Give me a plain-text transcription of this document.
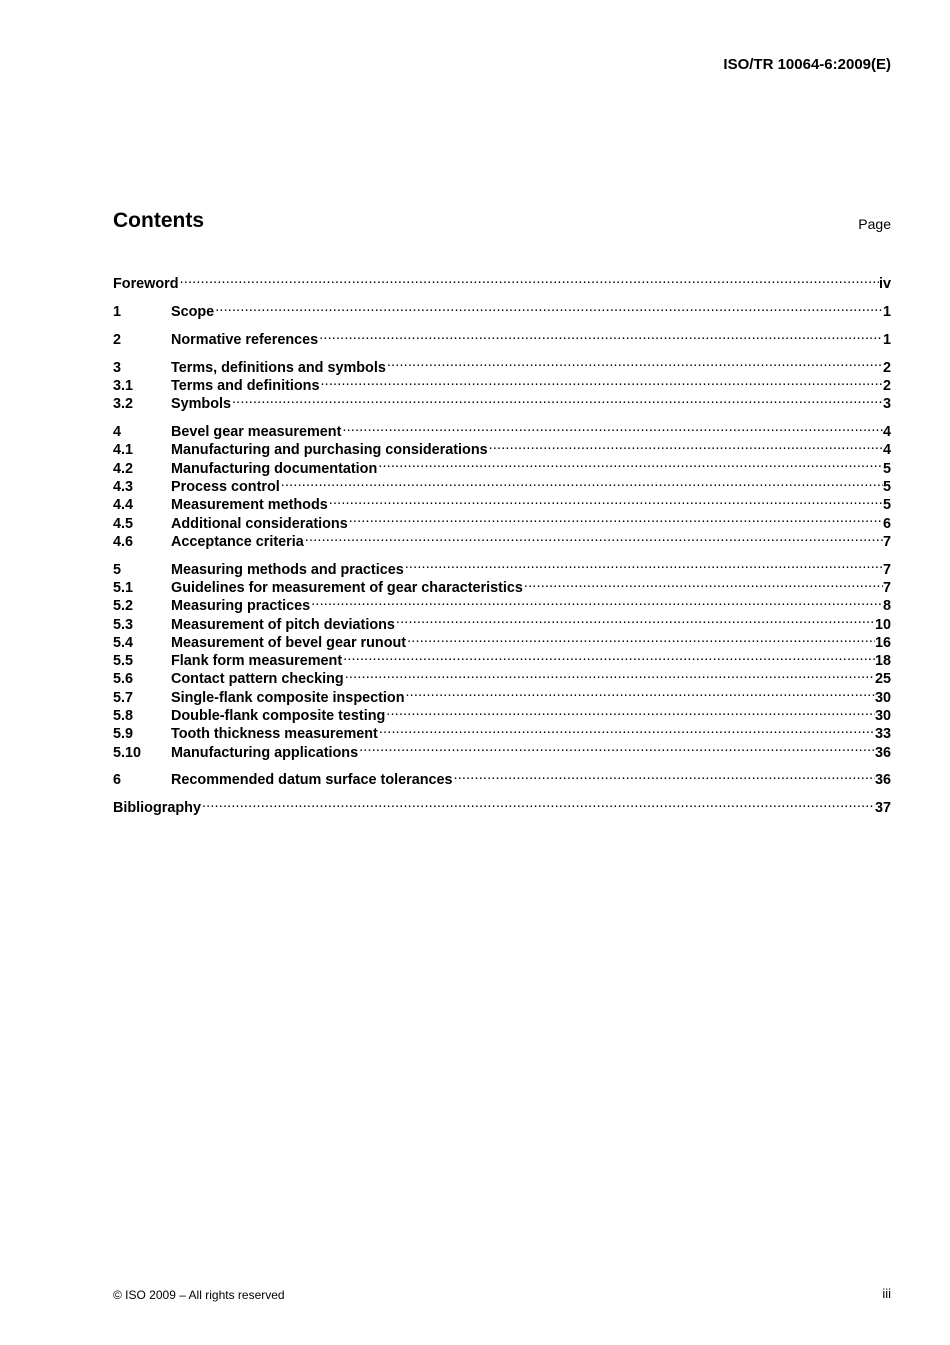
ISO/TR 10064-6:2009(E)
Contents	Page
Foreword .....	iv
1	Scope .....	1
2	Normative references .....	1
3	Terms, definitions and symbols .....	2
3.1	Terms and definitions .....	2
3.2	Symbols .....	3
4	Bevel gear measurement .....	4
4.1	Manufacturing and purchasing considerations .....	4
4.2	Manufacturing documentation .....	5
4.3	Process control .....	5
4.4	Measurement methods .....	5
4.5	Additional considerations .....	6
4.6	Acceptance criteria .....	7
5	Measuring methods and practices .....	7
5.1	Guidelines for measurement of gear characteristics .....	7
5.2	Measuring practices .....	8
5.3	Measurement of pitch deviations .....	10
5.4	Measurement of bevel gear runout .....	16
5.5	Flank form measurement .....	18
5.6	Contact pattern checking .....	25
5.7	Single-flank composite inspection .....	30
5.8	Double-flank composite testing .....	30
5.9	Tooth thickness measurement .....	33
5.10	Manufacturing applications .....	36
6	Recommended datum surface tolerances .....	36
Bibliography .....	37
© ISO 2009 – All rights reserved	iii
